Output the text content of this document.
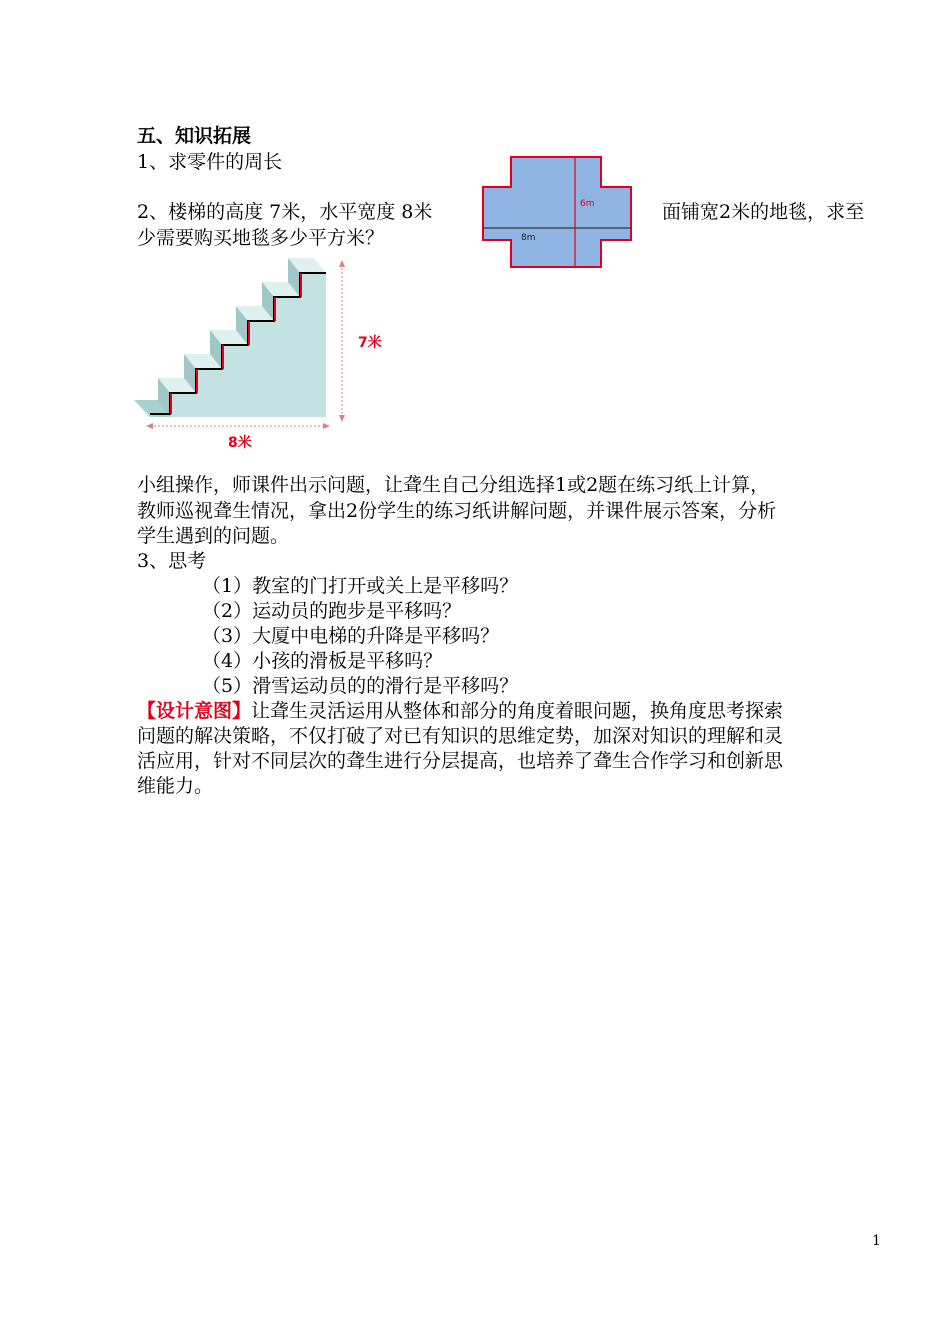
五、知识拓展
1、求零件的周长
2、楼梯的高度 7米，水平宽度 8米	面铺宽2米的地毯，求至
少需要购买地毯多少平方米？
6m
8m
7米
8米
小组操作，师课件出示问题，让聋生自己分组选择1或2题在练习纸上计算，
教师巡视聋生情况，拿出2份学生的练习纸讲解问题，并课件展示答案，分析
学生遇到的问题。
3、思考
（1）教室的门打开或关上是平移吗？
（2）运动员的跑步是平移吗？
（3）大厦中电梯的升降是平移吗？
（4）小孩的滑板是平移吗？
（5）滑雪运动员的的滑行是平移吗？
【设计意图】让聋生灵活运用从整体和部分的角度着眼问题，换角度思考探索
问题的解决策略，不仅打破了对已有知识的思维定势，加深对知识的理解和灵
活应用，针对不同层次的聋生进行分层提高，也培养了聋生合作学习和创新思
维能力。
1
